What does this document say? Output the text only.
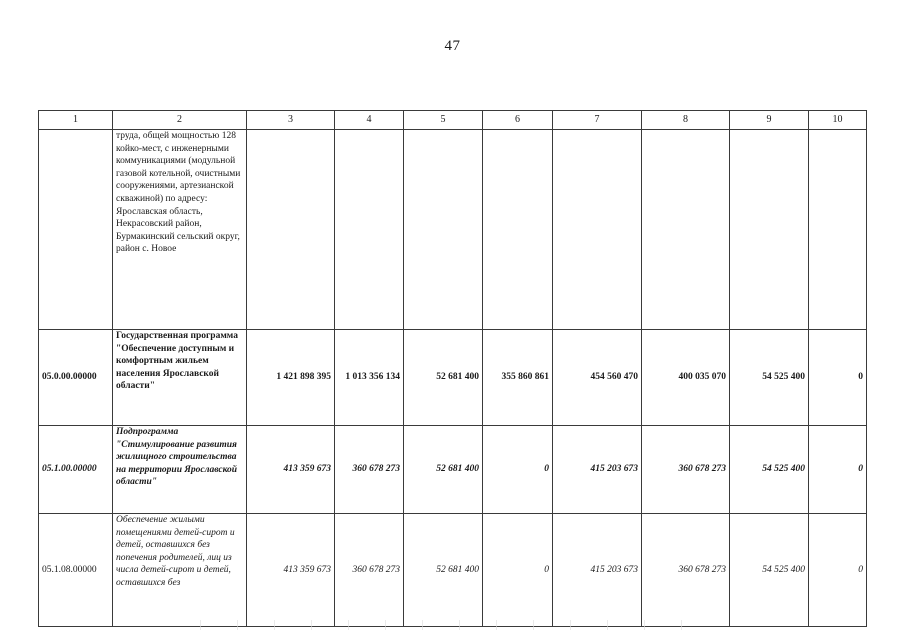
47
1	2	3	4	5	6	7	8	9	10
	труда, общей мощностью 128 койко-мест, с инженерными коммуникациями (модульной газовой котельной, очистными сооружениями, артезианской скважиной) по адресу: Ярославская область, Некрасовский район, Бурмакинский сельский округ, район с. Новое								
05.0.00.00000	Государственная программа "Обеспечение доступным и комфортным жильем населения Ярославской области"	1 421 898 395	1 013 356 134	52 681 400	355 860 861	454 560 470	400 035 070	54 525 400	0
05.1.00.00000	Подпрограмма "Стимулирование развития жилищного строительства на территории Ярославской области"	413 359 673	360 678 273	52 681 400	0	415 203 673	360 678 273	54 525 400	0
05.1.08.00000	Обеспечение жилыми помещениями детей-сирот и детей, оставшихся без попечения родителей, лиц из числа детей-сирот и детей, оставшихся без	413 359 673	360 678 273	52 681 400	0	415 203 673	360 678 273	54 525 400	0
